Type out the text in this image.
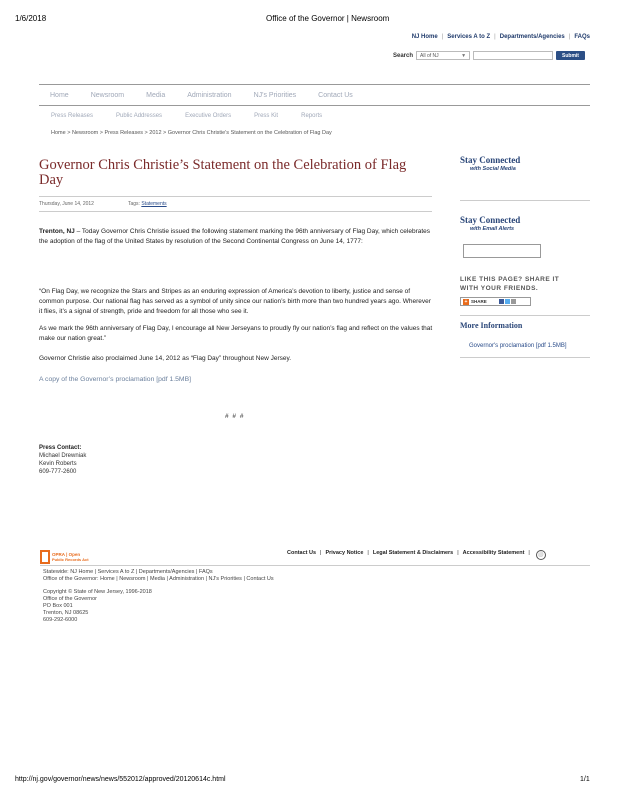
1/6/2018	Office of the Governor | Newsroom
NJ Home | Services A to Z | Departments/Agencies | FAQs
Search	All of NJ	▼	Submit
Home	Newsroom	Media	Administration	NJ's Priorities	Contact Us
Press Releases	Public Addresses	Executive Orders	Press Kit	Reports
Home > Newsroom > Press Releases > 2012 > Governor Chris Christie's Statement on the Celebration of Flag Day
Governor Chris Christie’s Statement on the Celebration of Flag Day
Thursday, June 14, 2012	Tags: Statements
Trenton, NJ – Today Governor Chris Christie issued the following statement marking the 96th anniversary of Flag Day, which celebrates the adoption of the flag of the United States by resolution of the Second Continental Congress on June 14, 1777:
“On Flag Day, we recognize the Stars and Stripes as an enduring expression of America’s devotion to liberty, justice and sense of common purpose. Our national flag has served as a symbol of unity since our nation’s birth more than two hundred years ago. Wherever it flies, it’s a signal of strength, pride and freedom for all those who see it.
As we mark the 96th anniversary of Flag Day, I encourage all New Jerseyans to proudly fly our nation’s flag and reflect on the values that make our nation great.”
Governor Christie also proclaimed June 14, 2012 as “Flag Day” throughout New Jersey.
A copy of the Governor’s proclamation [pdf 1.5MB]
# # #
Press Contact:
Michael Drewniak
Kevin Roberts
609-777-2600
Stay Connected
with Social Media
Stay Connected
with Email Alerts
LIKE THIS PAGE? SHARE IT
WITH YOUR FRIENDS.
+ SHARE
More Information
Governor's proclamation [pdf 1.5MB]
OPRA | Open
Public Records Act
Contact Us | Privacy Notice | Legal Statement & Disclaimers | Accessibility Statement |	⚪
Statewide: NJ Home | Services A to Z | Departments/Agencies | FAQs
Office of the Governor: Home | Newsroom | Media | Administration | NJ's Priorities | Contact Us
Copyright © State of New Jersey, 1996-2018
Office of the Governor
PO Box 001
Trenton, NJ 08625
609-292-6000
http://nj.gov/governor/news/news/552012/approved/20120614c.html	1/1
